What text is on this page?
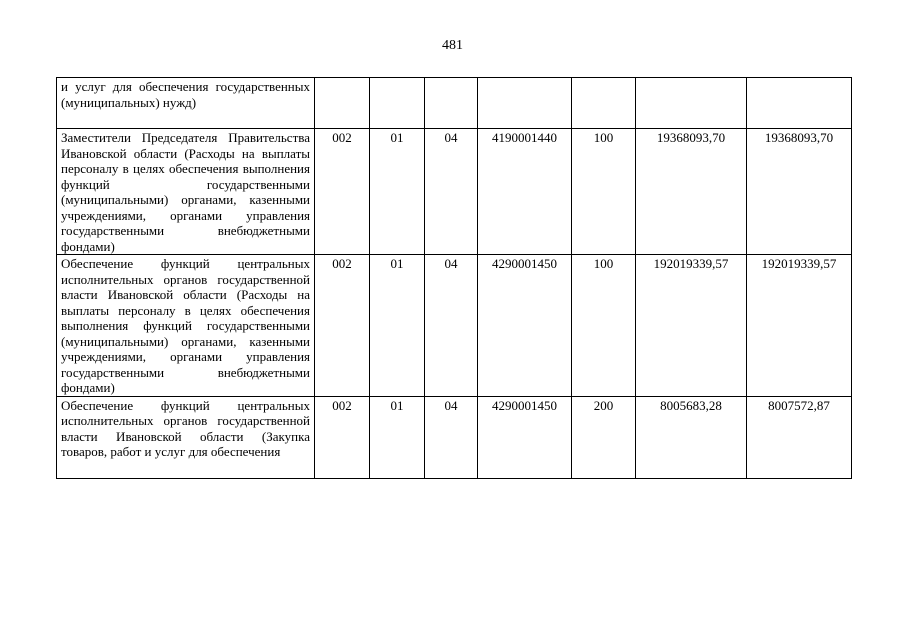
481
и услуг для обеспечения государственных (муниципальных) нужд)							
Заместители Председателя Правительства Ивановской области (Расходы на выплаты персоналу в целях обеспечения выполнения функций государственными (муниципальными) органами, казенными учреждениями, органами управления государственными внебюджетными фондами)	002	01	04	4190001440	100	19368093,70	19368093,70
Обеспечение функций центральных исполнительных органов государственной власти Ивановской области (Расходы на выплаты персоналу в целях обеспечения выполнения функций государственными (муниципальными) органами, казенными учреждениями, органами управления государственными внебюджетными фондами)	002	01	04	4290001450	100	192019339,57	192019339,57
Обеспечение функций центральных исполнительных органов государственной власти Ивановской области (Закупка товаров, работ и услуг для обеспечения	002	01	04	4290001450	200	8005683,28	8007572,87
